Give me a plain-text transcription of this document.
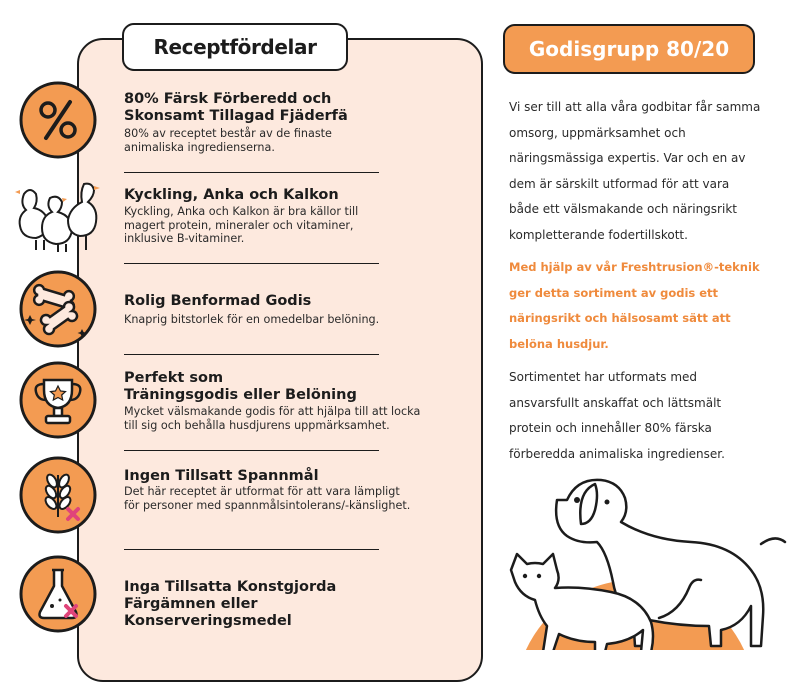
Receptfördelar
80% Färsk Förberedd och
Skonsamt Tillagad Fjäderfä
80% av receptet består av de finaste
animaliska ingredienserna.
Kyckling, Anka och Kalkon
Kyckling, Anka och Kalkon är bra källor till
magert protein, mineraler och vitaminer,
inklusive B-vitaminer.
Rolig Benformad Godis
Knaprig bitstorlek för en omedelbar belöning.
Perfekt som
Träningsgodis eller Belöning
Mycket välsmakande godis för att hjälpa till att locka
till sig och behålla husdjurens uppmärksamhet.
Ingen Tillsatt Spannmål
Det här receptet är utformat för att vara lämpligt
för personer med spannmålsintolerans/-känslighet.
Inga Tillsatta Konstgjorda
Färgämnen eller Konserveringsmedel
Godisgrupp 80/20
Vi ser till att alla våra godbitar får samma
omsorg, uppmärksamhet och
näringsmässiga expertis. Var och en av
dem är särskilt utformad för att vara
både ett välsmakande och näringsrikt
kompletterande fodertillskott.
Med hjälp av vår Freshtrusion®-teknik
ger detta sortiment av godis ett
näringsrikt och hälsosamt sätt att
belöna husdjur.
Sortimentet har utformats med
ansvarsfullt anskaffat och lättsmält
protein och innehåller 80% färska
förberedda animaliska ingredienser.
